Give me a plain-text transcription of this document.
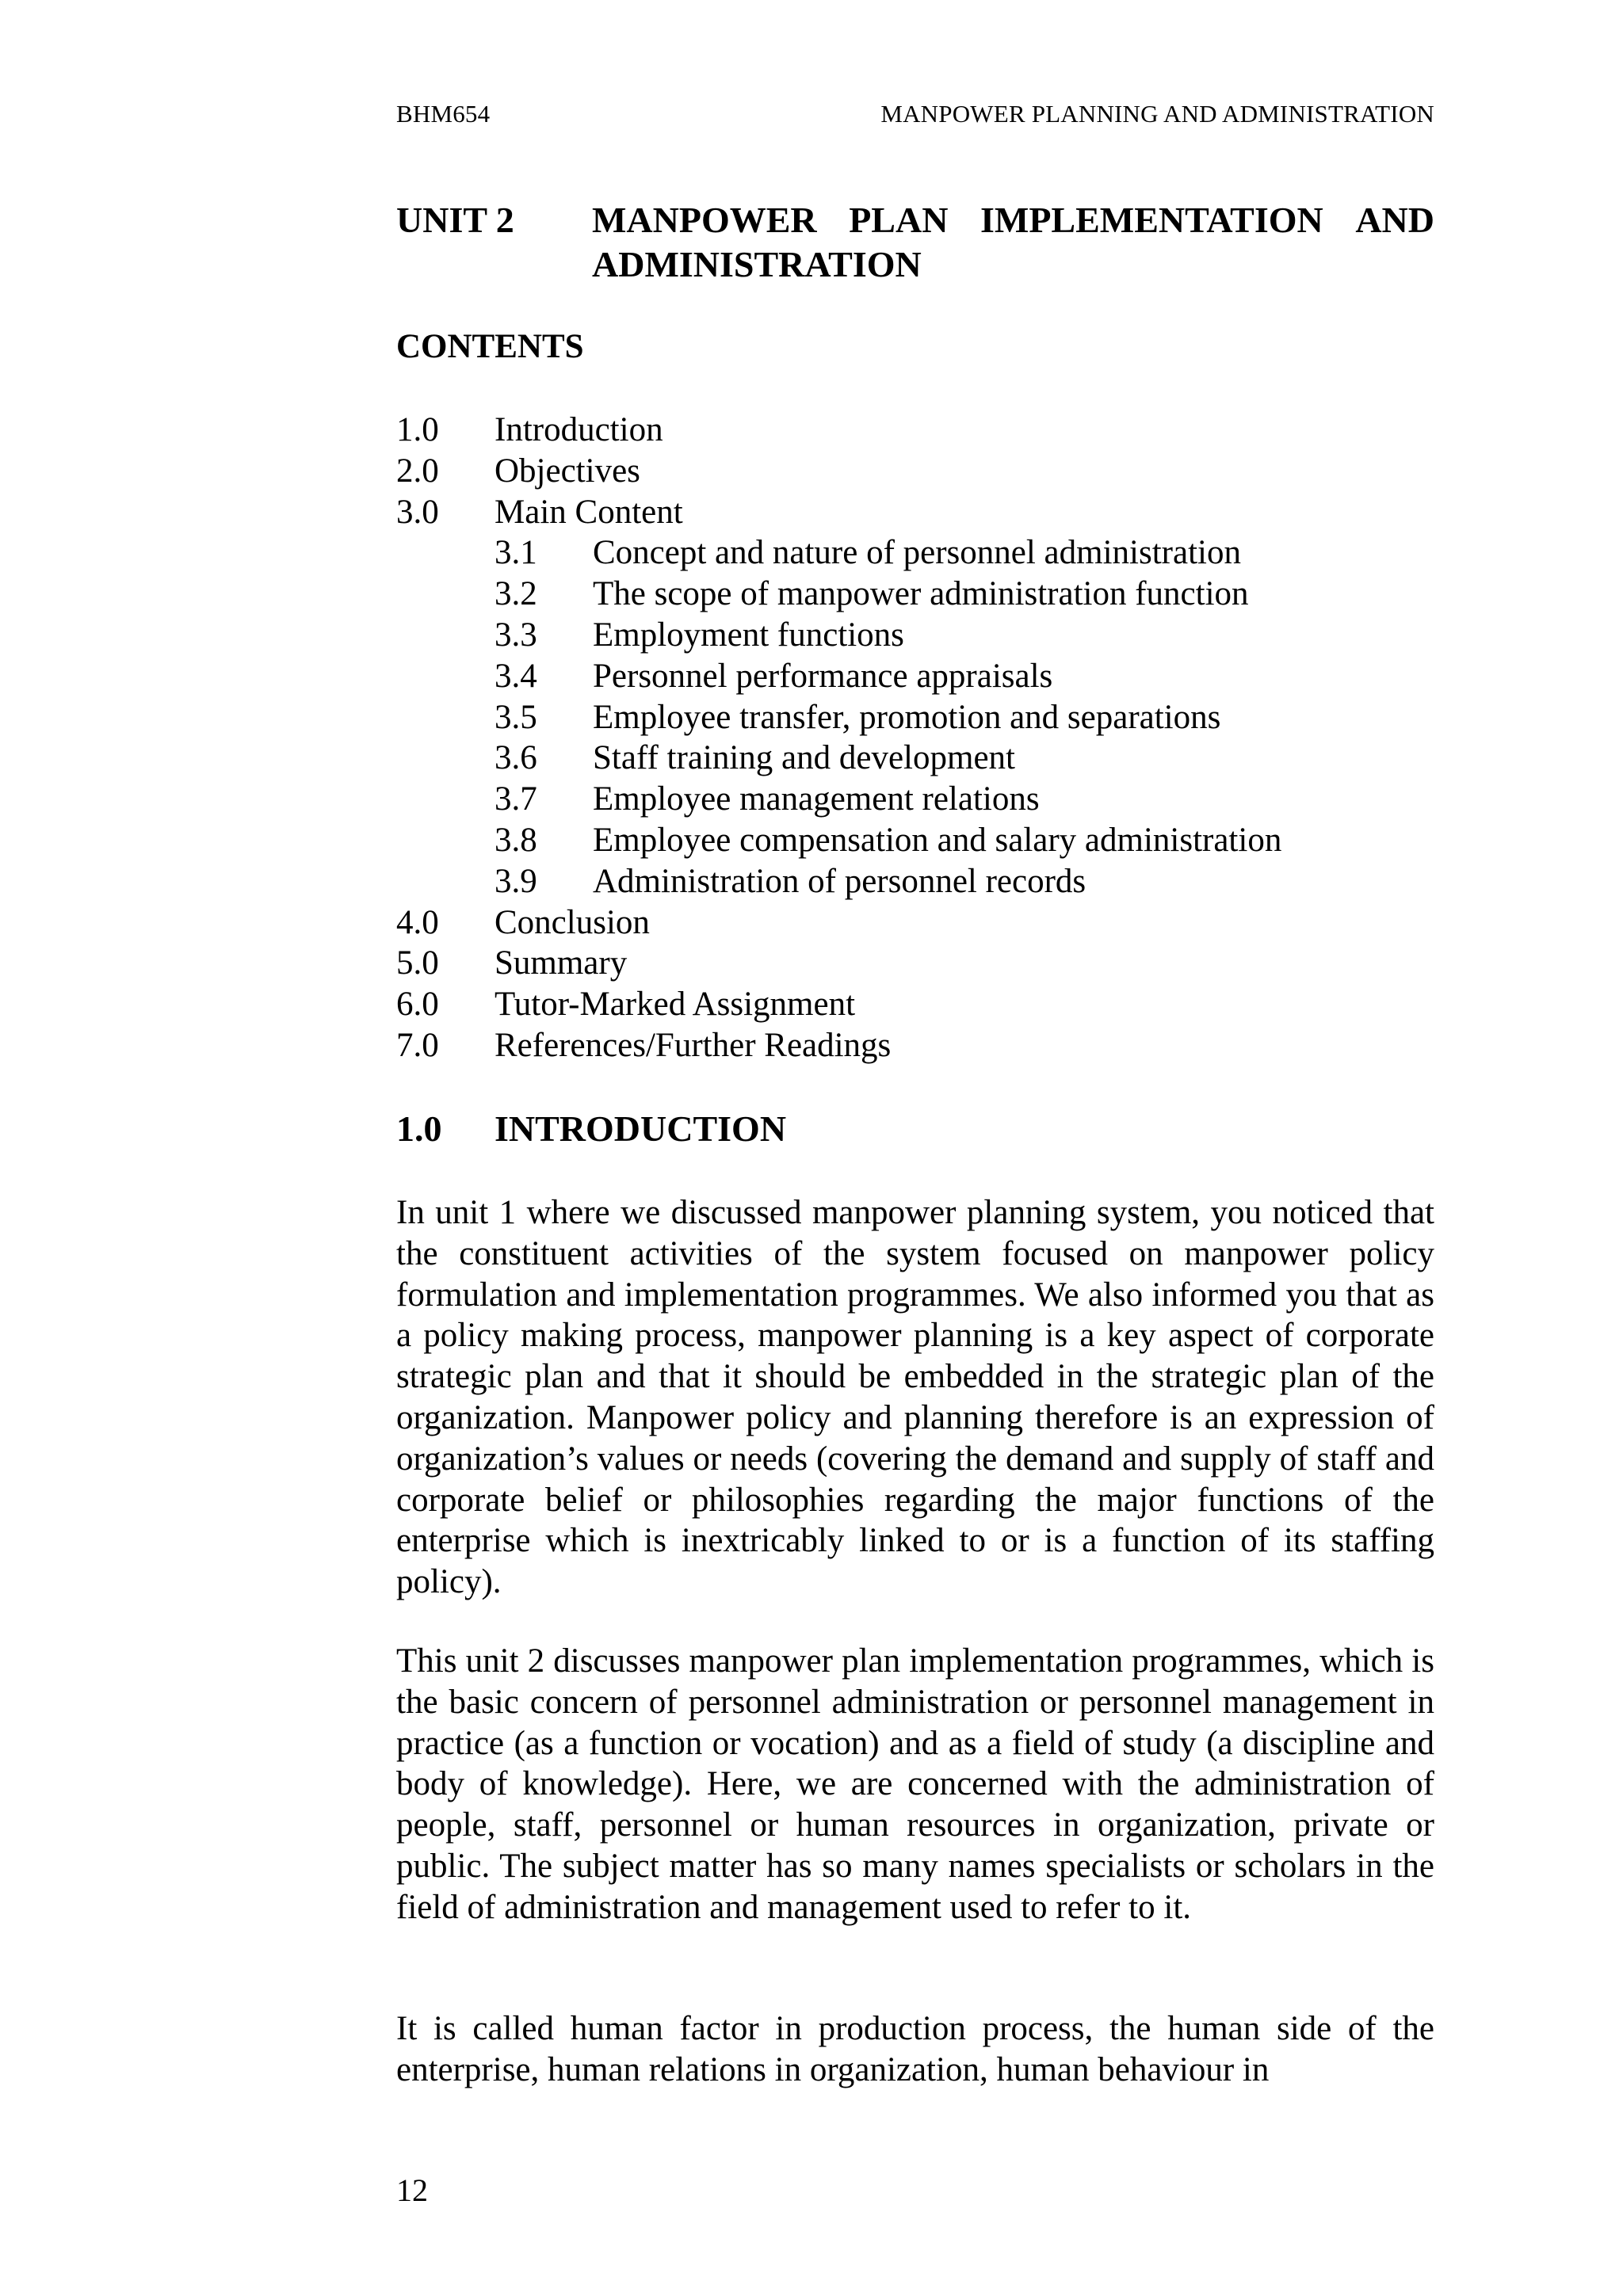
BHM654	MANPOWER PLANNING AND ADMINISTRATION
UNIT 2 MANPOWER PLAN IMPLEMENTATION AND
ADMINISTRATION
CONTENTS
1.0 Introduction
2.0 Objectives
3.0 Main Content
3.1 Concept and nature of personnel administration
3.2 The scope of manpower administration function
3.3 Employment functions
3.4 Personnel performance appraisals
3.5 Employee transfer, promotion and separations
3.6 Staff training and development
3.7 Employee management relations
3.8 Employee compensation and salary administration
3.9 Administration of personnel records
4.0 Conclusion
5.0 Summary
6.0 Tutor-Marked Assignment
7.0 References/Further Readings
1.0 INTRODUCTION

In unit 1 where we discussed manpower planning system, you noticed that the constituent activities of the system focused on manpower policy formulation and implementation programmes. We also informed you that as a policy making process, manpower planning is a key aspect of corporate strategic plan and that it should be embedded in the strategic plan of the organization. Manpower policy and planning therefore is an expression of organization’s values or needs (covering the demand and supply of staff and corporate belief or philosophies regarding the major functions of the enterprise which is inextricably linked to or is a function of its staffing policy).

This unit 2 discusses manpower plan implementation programmes, which is the basic concern of personnel administration or personnel management in practice (as a function or vocation) and as a field of study (a discipline and body of knowledge). Here, we are concerned with the administration of people, staff, personnel or human resources in organization, private or public. The subject matter has so many names specialists or scholars in the field of administration and management used to refer to it.

It is called human factor in production process, the human side of the enterprise, human relations in organization, human behaviour in

12
